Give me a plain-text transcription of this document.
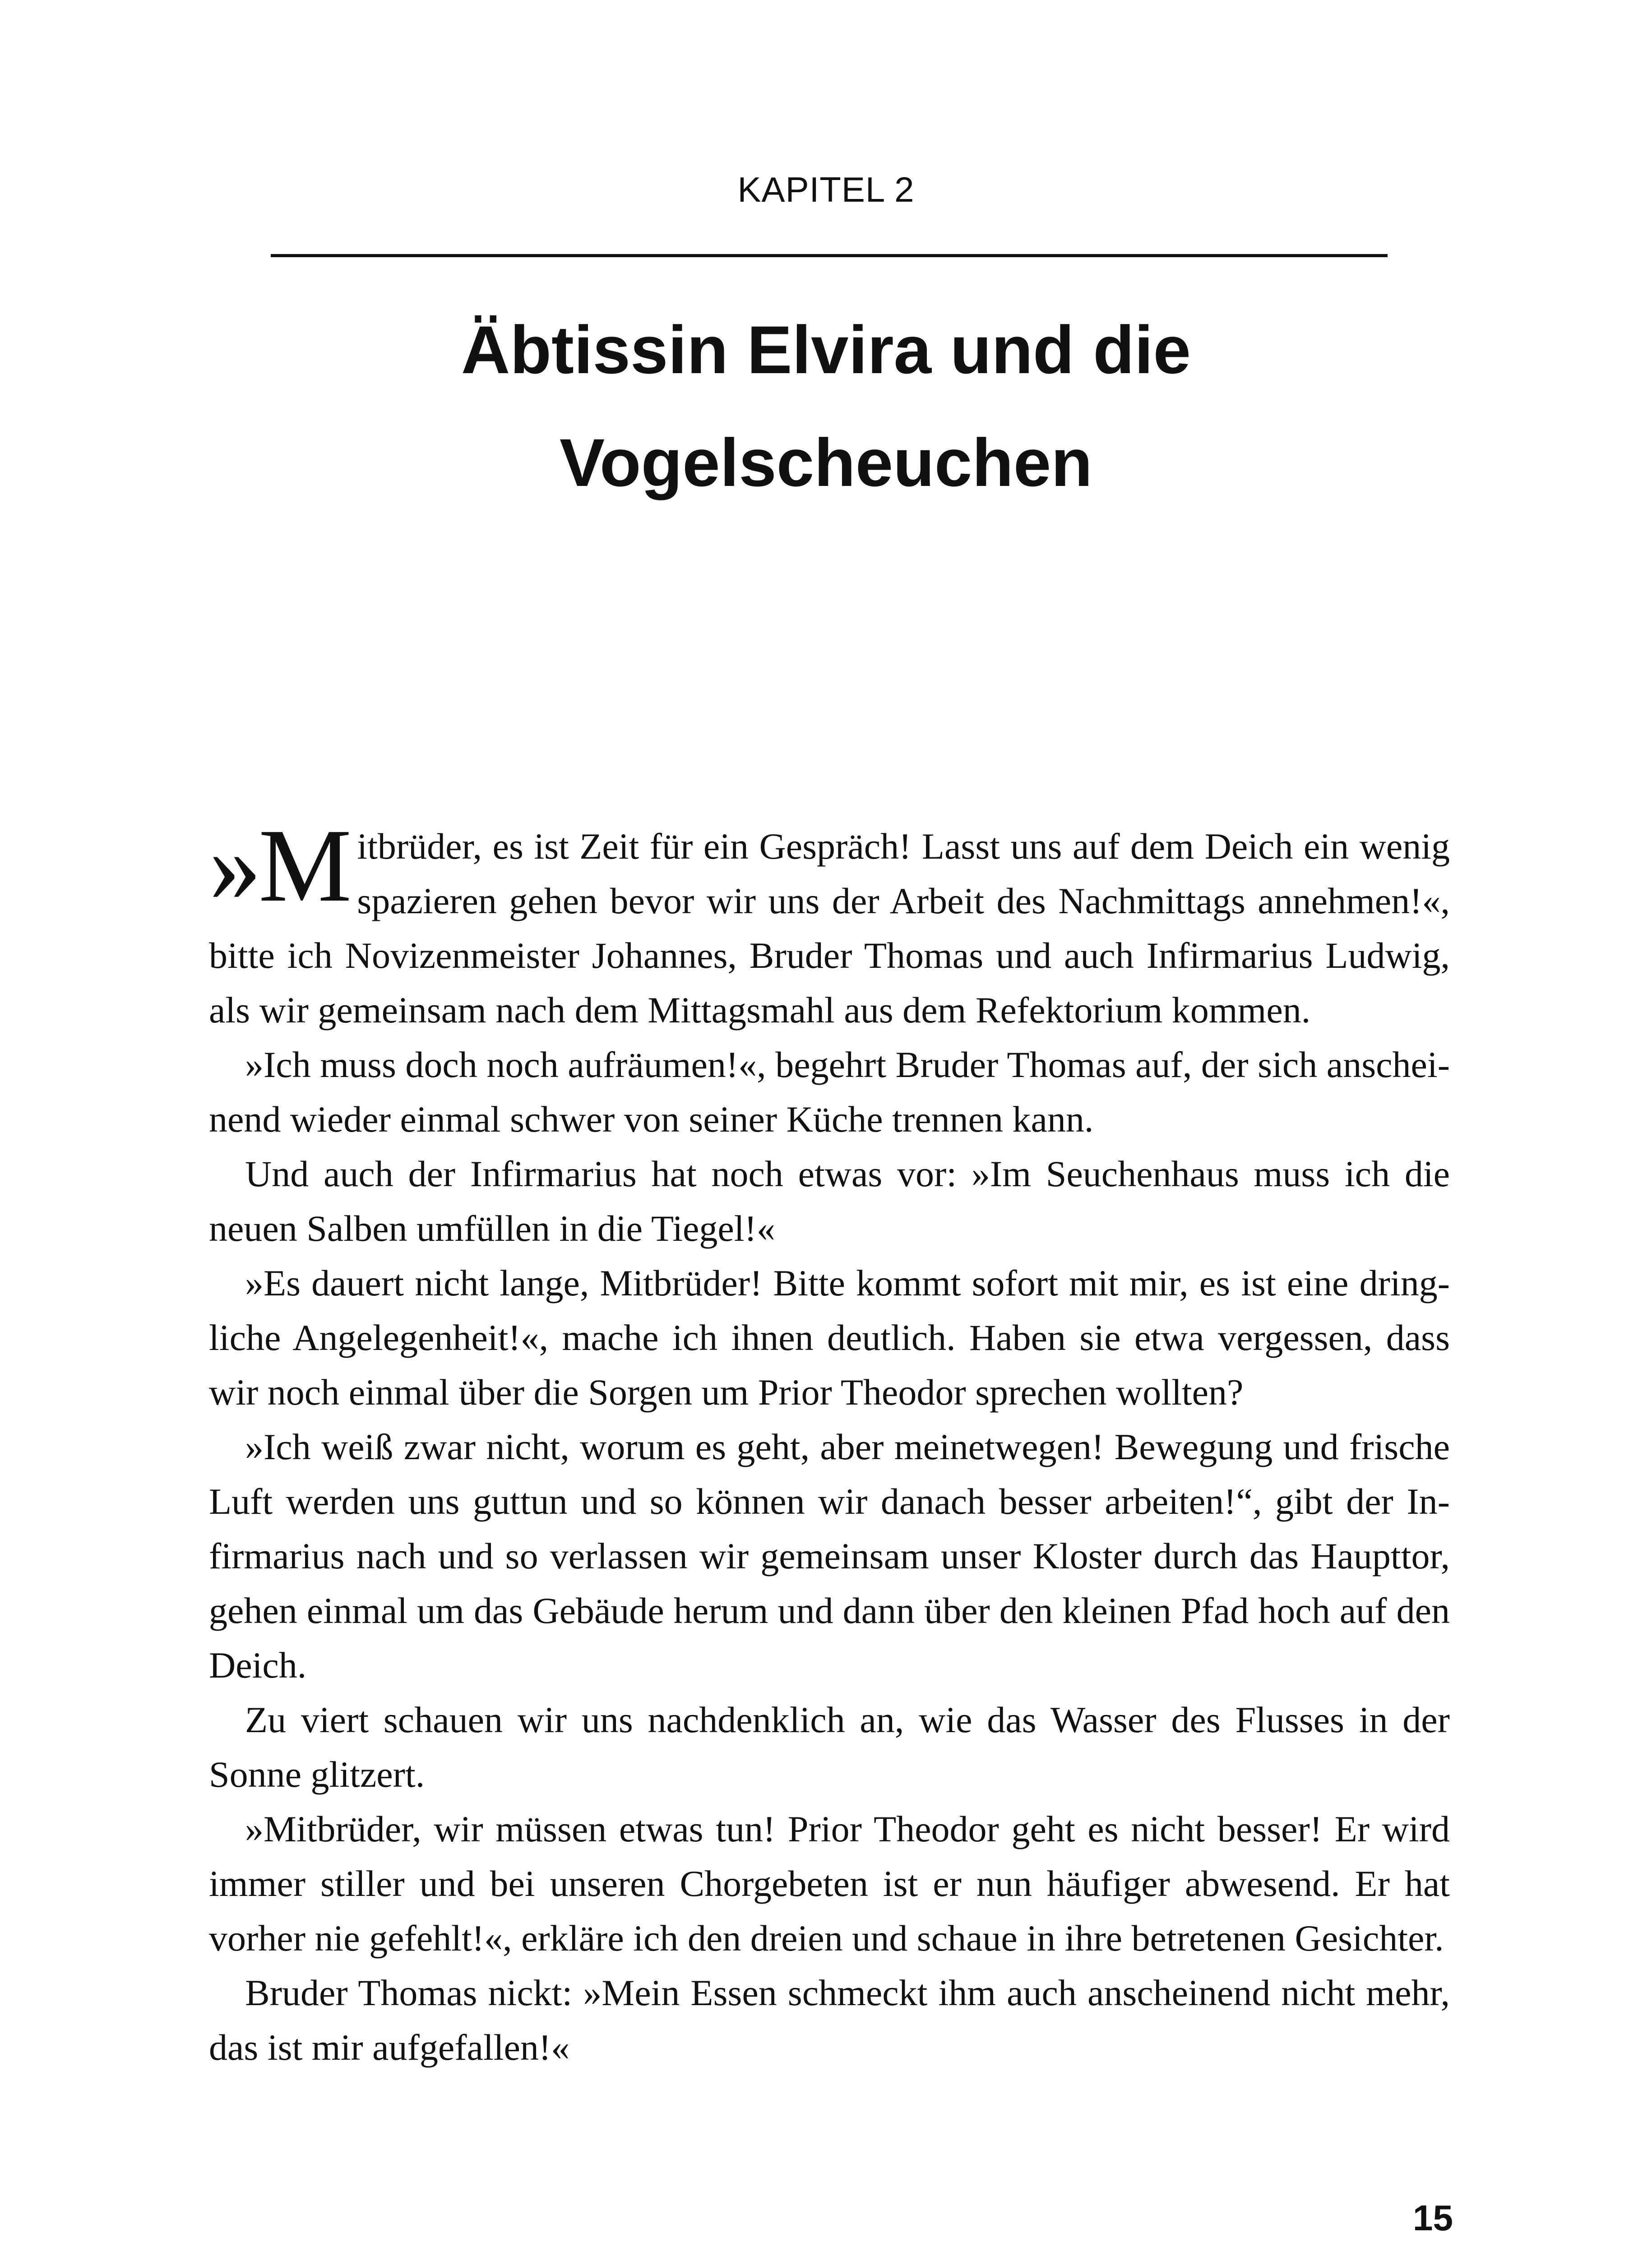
KAPITEL 2
Äbtissin Elvira und die
Vogelscheuchen

»M itbrüder, es ist Zeit für ein Gespräch! Lasst uns auf dem Deich ein wenig spazieren gehen bevor wir uns der Arbeit des Nachmittags annehmen!«, bitte ich Novizenmeister Johannes, Bruder Thomas und auch Infirmarius Ludwig, als wir gemeinsam nach dem Mittagsmahl aus dem Refektorium kommen.

»Ich muss doch noch aufräumen!«, begehrt Bruder Thomas auf, der sich anscheinend wieder einmal schwer von seiner Küche trennen kann.

Und auch der Infirmarius hat noch etwas vor: »Im Seuchenhaus muss ich die neuen Salben umfüllen in die Tiegel!«

»Es dauert nicht lange, Mitbrüder! Bitte kommt sofort mit mir, es ist eine dringliche Angelegenheit!«, mache ich ihnen deutlich. Haben sie etwa vergessen, dass wir noch einmal über die Sorgen um Prior Theodor sprechen wollten?

»Ich weiß zwar nicht, worum es geht, aber meinetwegen! Bewegung und frische Luft werden uns guttun und so können wir danach besser arbeiten!“, gibt der Infirmarius nach und so verlassen wir gemeinsam unser Kloster durch das Haupttor, gehen einmal um das Gebäude herum und dann über den kleinen Pfad hoch auf den Deich.

Zu viert schauen wir uns nachdenklich an, wie das Wasser des Flusses in der Sonne glitzert.

»Mitbrüder, wir müssen etwas tun! Prior Theodor geht es nicht besser! Er wird immer stiller und bei unseren Chorgebeten ist er nun häufiger abwesend. Er hat vorher nie gefehlt!«, erkläre ich den dreien und schaue in ihre betretenen Gesichter.

Bruder Thomas nickt: »Mein Essen schmeckt ihm auch anscheinend nicht mehr, das ist mir aufgefallen!«

15
